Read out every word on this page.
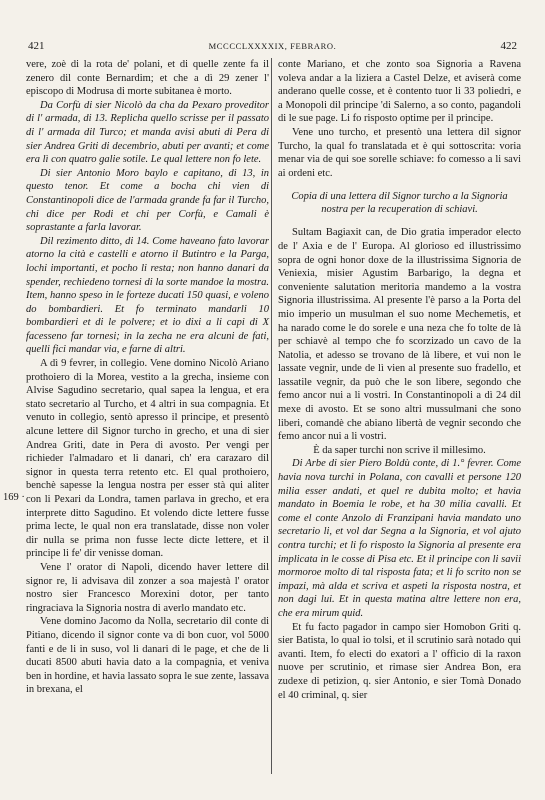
421	MCCCCLXXXXIX, FEBRARO.	422
169 ·

vere, zoè di la rota de' polani, et di quelle zente fa il zenero dil conte Bernardim; et che a dì 29 zener l' episcopo di Modrusa di morte subitanea è morto.

Da Corfù di sier Nicolò da cha da Pexaro proveditor di l' armada, di 13. Replicha quello scrisse per il passato di l' armada dil Turco; et manda avisi abuti di Pera di sier Andrea Griti di decembrio, abuti per avanti; et come era lì con quatro galie sotile. Le qual lettere non fo lete.

Di sier Antonio Moro baylo e capitano, di 13, in questo tenor. Et come a bocha chi vien di Constantinopoli dice de l'armada grande fa far il Turcho, chi dice per Rodi et chi per Corfù, e Camali è soprastante a farla lavorar.

Dil rezimento ditto, di 14. Come haveano fato lavorar atorno la cità e castelli e atorno il Butintro e la Parga, lochi importanti, et pocho li resta; non hanno danari da spender, rechiedeno tornesi di la sorte mandoe la mostra. Item, hanno speso in le forteze ducati 150 quasi, e voleno do bombardieri. Et fo terminato mandarli 10 bombardieri et di le polvere; et io dixi a li capi di X facesseno far tornesi; in la zecha ne era alcuni de fati, quelli fici mandar via, e farne di altri.

A dì 9 fevrer, in collegio. Vene domino Nicolò Ariano prothoiero di la Morea, vestito a la grecha, insieme con Alvise Sagudino secretario, qual sapea la lengua, et era stato secretario al Turcho, et 4 altri in sua compagnia. Et venuto in collegio, sentò apresso il principe, et presentò alcune lettere dil Signor turcho in grecho, et una di sier Andrea Griti, date in Pera di avosto. Per vengi per richieder l'almadaro et li danari, ch' era carazaro dil signor in questa terra retento etc. El qual prothoiero, benchè sapesse la lengua nostra per esser stà qui aliter con li Pexari da Londra, tamen parlava in grecho, et era interprete ditto Sagudino. Et volendo dicte lettere fusse prima lecte, le qual non era translatade, disse non voler dir nulla se prima non fusse lecte dicte lettere, et il principe li fe' dir venisse doman.

Vene l' orator di Napoli, dicendo haver lettere dil signor re, li advisava dil zonzer a soa majestà l' orator nostro sier Francesco Morexini dotor, per tanto ringraciava la Signoria nostra di averlo mandato etc.

Vene domino Jacomo da Nolla, secretario dil conte di Pitiano, dicendo il signor conte va di bon cuor, vol 5000 fanti e de li in suso, vol li danari di le page, et che de li ducati 8500 abuti havia dato a la compagnia, et veniva ben in hordine, et havia lassato sopra le sue zente, lassava in brexana, el

conte Mariano, et che zonto soa Signoria a Ravena voleva andar a la liziera a Castel Delze, et aviserà come anderano quelle cosse, et è contento tuor li 33 poliedri, e a Monopoli dil principe 'di Salerno, a so conto, pagandoli di le sue page. Li fo risposto optime per il principe.

Vene uno turcho, et presentò una lettera dil signor Turcho, la qual fo translatada et è qui sottoscrita: voria menar via de qui soe sorelle schiave: fo comesso a li savi ai ordeni etc.

Copia di una lettera dil Signor turcho a la Signoria nostra per la recuperation di schiavi.

Sultam Bagiaxit can, de Dio gratia imperador electo de l' Axia e de l' Europa. Al glorioso ed illustrissimo sopra de ogni honor doxe de la illustrissima Signoria de Veniexia, misier Agustim Barbarigo, la degna et conveniente salutation meritoria mandemo a la vostra Signoria illustrissima. Al presente l'è parso a la Porta del mio imperio un musulman el suo nome Mechemetis, et ha narado come le do sorele e una neza che fo tolte de là per schiavè al tempo che fo scorzizado un cavo de la Natolia, et adesso se trovano de là libere, et vui non le lassate vegnir, unde de lì vien al presente suo fradello, et lassatile vegnir, da può che le son libere, segondo che femo ancor nui a li vostri. In Constantinopoli a dì 24 dil mexe di avosto. Et se sono altri mussulmani che sono liberi, comandè che abiano libertà de vegnir secondo che femo ancor nui a li vostri.

È da saper turchi non scrive il millesimo.

Di Arbe di sier Piero Boldù conte, di 1.° fevrer. Come havia nova turchi in Polana, con cavalli et persone 120 milia esser andati, et quel re dubita molto; et havia mandato in Boemia le robe, et ha 30 milia cavalli. Et come el conte Anzolo di Franzipani havia mandato uno secretario li, et vol dar Segna a la Signoria, et vol ajuto contra turchi; et li fo risposto la Signoria al presente era implicata in le cosse di Pisa etc. Et il principe con li savii mormoroe molto di tal risposta fata; et li fo scrito non se impazi, mà alda et scriva et aspeti la risposta nostra, et non dagi lui. Et in questa matina altre lettere non era, che era mirum quid.

Et fu facto pagador in campo sier Homobon Griti q. sier Batista, lo qual io tolsi, et il scrutinio sarà notado qui avanti. Item, fo electi do exatori a l' officio di la raxon nuove per scrutinio, et rimase sier Andrea Bon, era zudexe di petizion, q. sier Antonio, e sier Tomà Donado el 40 criminal, q. sier
